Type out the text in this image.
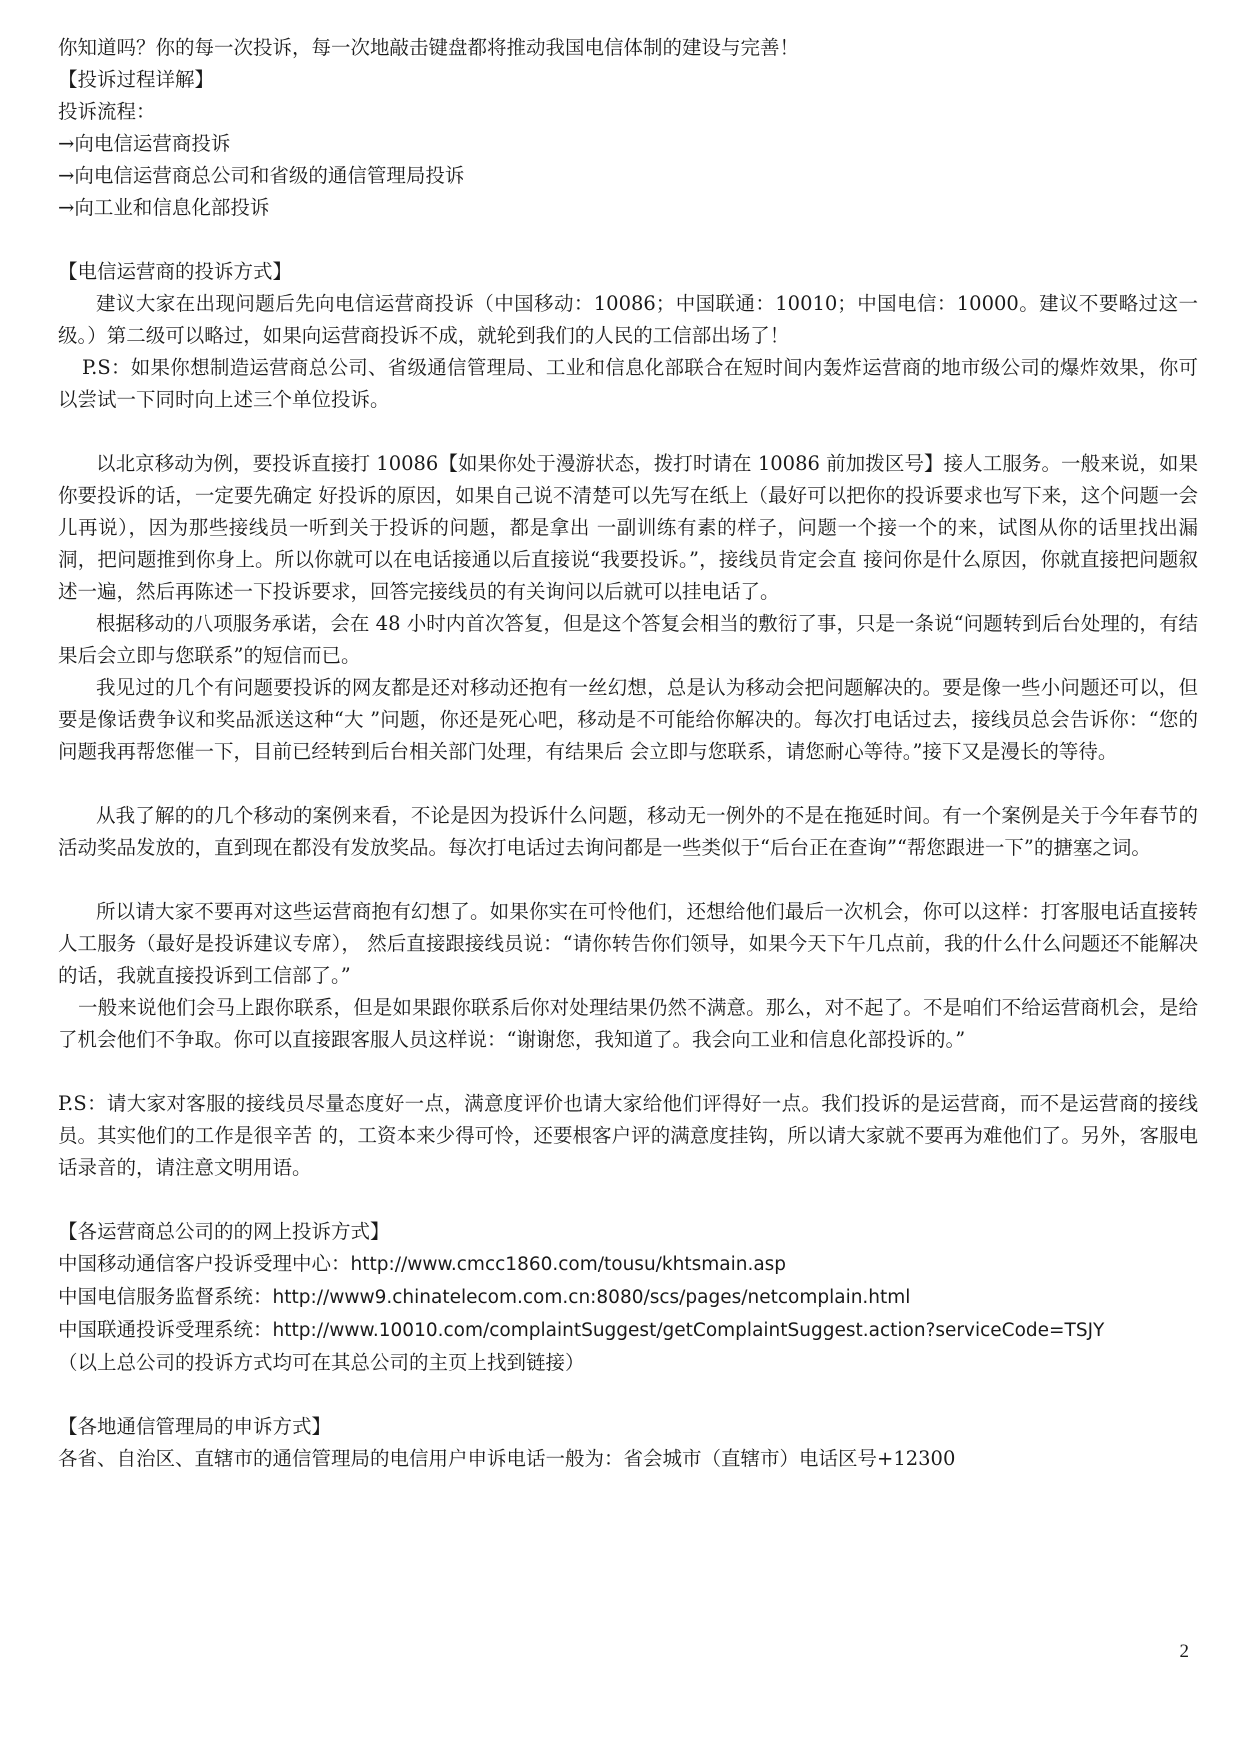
你知道吗？你的每一次投诉，每一次地敲击键盘都将推动我国电信体制的建设与完善！
【投诉过程详解】
投诉流程：
→向电信运营商投诉
→向电信运营商总公司和省级的通信管理局投诉
→向工业和信息化部投诉
【电信运营商的投诉方式】

建议大家在出现问题后先向电信运营商投诉（中国移动：10086；中国联通：10010；中国电信：10000。建议不要略过这一级。）第二级可以略过，如果向运营商投诉不成，就轮到我们的人民的工信部出场了！

P.S：如果你想制造运营商总公司、省级通信管理局、工业和信息化部联合在短时间内轰炸运营商的地市级公司的爆炸效果，你可以尝试一下同时向上述三个单位投诉。

以北京移动为例，要投诉直接打 10086【如果你处于漫游状态，拨打时请在 10086 前加拨区号】接人工服务。一般来说，如果你要投诉的话，一定要先确定 好投诉的原因，如果自己说不清楚可以先写在纸上（最好可以把你的投诉要求也写下来，这个问题一会儿再说），因为那些接线员一听到关于投诉的问题，都是拿出 一副训练有素的样子，问题一个接一个的来，试图从你的话里找出漏洞，把问题推到你身上。所以你就可以在电话接通以后直接说“我要投诉。”，接线员肯定会直 接问你是什么原因，你就直接把问题叙述一遍，然后再陈述一下投诉要求，回答完接线员的有关询问以后就可以挂电话了。

根据移动的八项服务承诺，会在 48 小时内首次答复，但是这个答复会相当的敷衍了事，只是一条说“问题转到后台处理的，有结果后会立即与您联系”的短信而已。

我见过的几个有问题要投诉的网友都是还对移动还抱有一丝幻想，总是认为移动会把问题解决的。要是像一些小问题还可以，但要是像话费争议和奖品派送这种“大 ”问题，你还是死心吧，移动是不可能给你解决的。每次打电话过去，接线员总会告诉你：“您的问题我再帮您催一下，目前已经转到后台相关部门处理，有结果后 会立即与您联系，请您耐心等待。”接下又是漫长的等待。

从我了解的的几个移动的案例来看，不论是因为投诉什么问题，移动无一例外的不是在拖延时间。有一个案例是关于今年春节的活动奖品发放的，直到现在都没有发放奖品。每次打电话过去询问都是一些类似于“后台正在查询”“帮您跟进一下”的搪塞之词。

所以请大家不要再对这些运营商抱有幻想了。如果你实在可怜他们，还想给他们最后一次机会，你可以这样：打客服电话直接转人工服务（最好是投诉建议专席）， 然后直接跟接线员说：“请你转告你们领导，如果今天下午几点前，我的什么什么问题还不能解决的话，我就直接投诉到工信部了。”

一般来说他们会马上跟你联系，但是如果跟你联系后你对处理结果仍然不满意。那么，对不起了。不是咱们不给运营商机会，是给了机会他们不争取。你可以直接跟客服人员这样说：“谢谢您，我知道了。我会向工业和信息化部投诉的。”

P.S：请大家对客服的接线员尽量态度好一点，满意度评价也请大家给他们评得好一点。我们投诉的是运营商，而不是运营商的接线员。其实他们的工作是很辛苦 的，工资本来少得可怜，还要根客户评的满意度挂钩，所以请大家就不要再为难他们了。另外，客服电话录音的，请注意文明用语。

【各运营商总公司的的网上投诉方式】
中国移动通信客户投诉受理中心：http://www.cmcc1860.com/tousu/khtsmain.asp
中国电信服务监督系统：http://www9.chinatelecom.com.cn:8080/scs/pages/netcomplain.html
中国联通投诉受理系统：http://www.10010.com/complaintSuggest/getComplaintSuggest.action?serviceCode=TSJY
（以上总公司的投诉方式均可在其总公司的主页上找到链接）
【各地通信管理局的申诉方式】
各省、自治区、直辖市的通信管理局的电信用户申诉电话一般为：省会城市（直辖市）电话区号+12300
2
